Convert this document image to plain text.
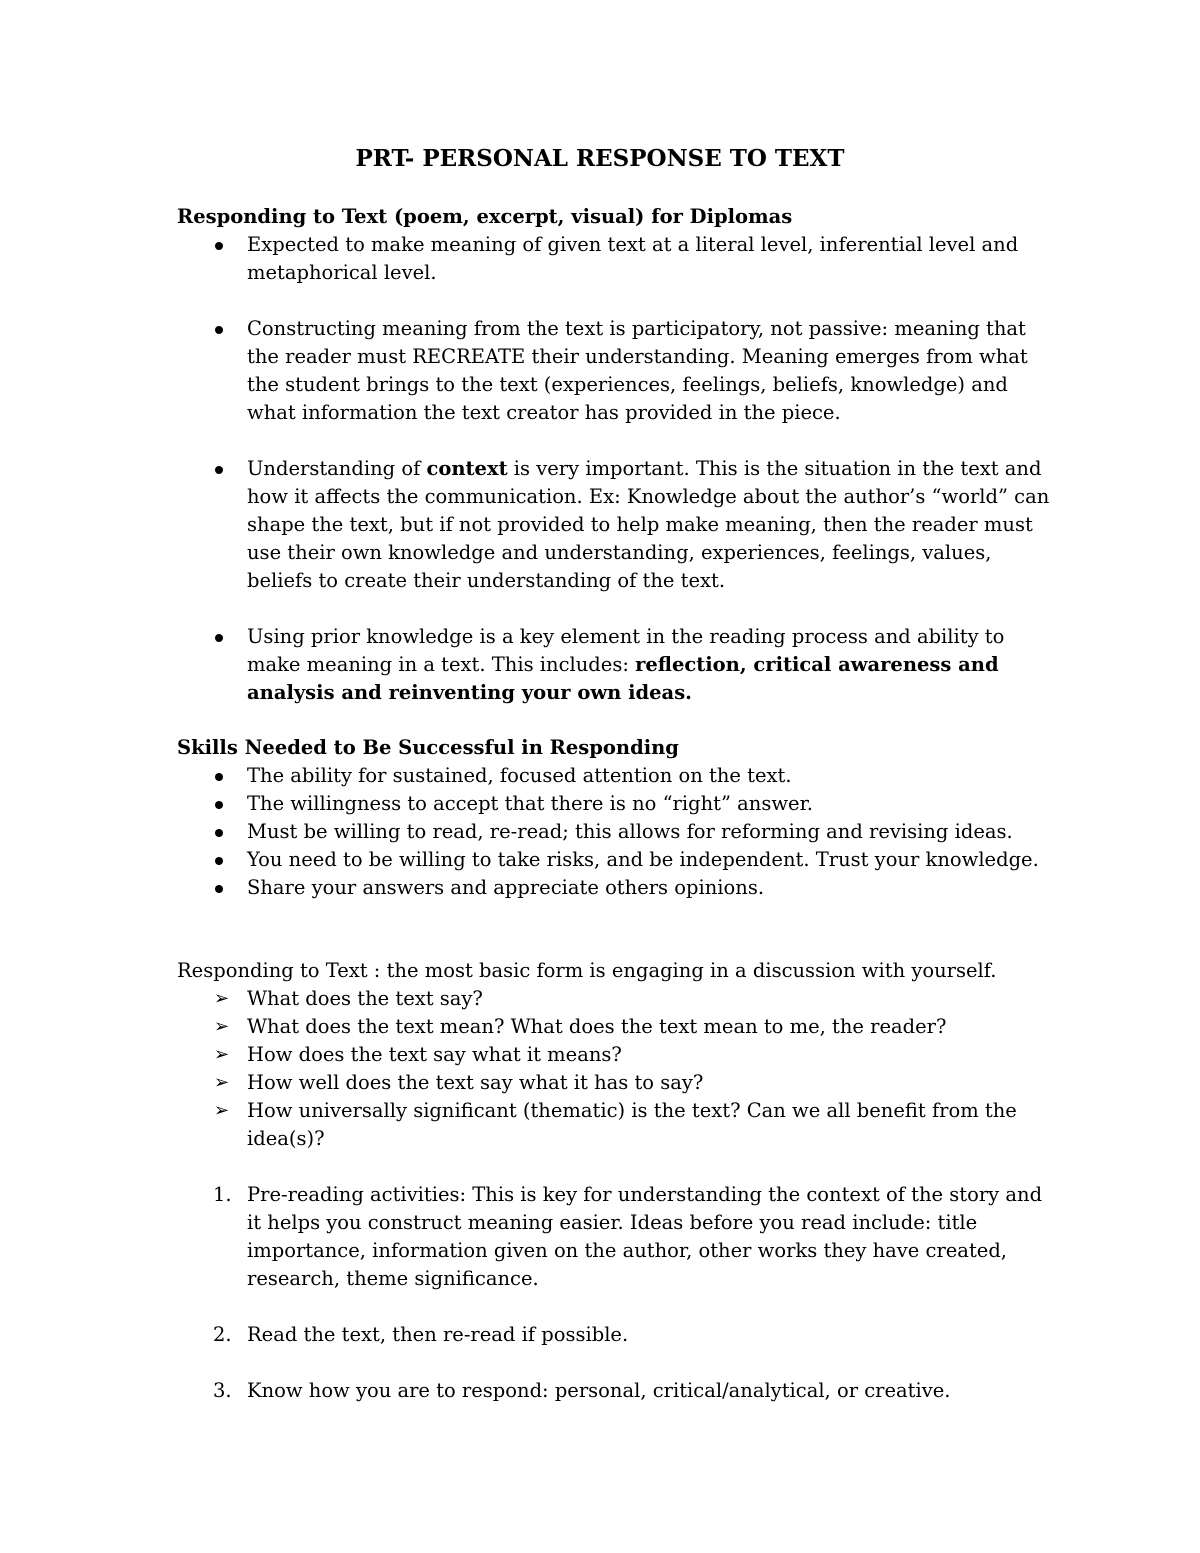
PRT- PERSONAL RESPONSE TO TEXT

Responding to Text (poem, excerpt, visual) for Diplomas

Expected to make meaning of given text at a literal level, inferential level and metaphorical level.
Constructing meaning from the text is participatory, not passive: meaning that the reader must RECREATE their understanding. Meaning emerges from what the student brings to the text (experiences, feelings, beliefs, knowledge) and what information the text creator has provided in the piece.
Understanding of context is very important. This is the situation in the text and how it affects the communication. Ex: Knowledge about the author’s “world” can shape the text, but if not provided to help make meaning, then the reader must use their own knowledge and understanding, experiences, feelings, values, beliefs to create their understanding of the text.
Using prior knowledge is a key element in the reading process and ability to make meaning in a text. This includes: reflection, critical awareness and analysis and reinventing your own ideas.

Skills Needed to Be Successful in Responding

The ability for sustained, focused attention on the text.
The willingness to accept that there is no “right” answer.
Must be willing to read, re-read; this allows for reforming and revising ideas.
You need to be willing to take risks, and be independent. Trust your knowledge.
Share your answers and appreciate others opinions.

Responding to Text : the most basic form is engaging in a discussion with yourself.

➢ What does the text say?
➢ What does the text mean? What does the text mean to me, the reader?
➢ How does the text say what it means?
➢ How well does the text say what it has to say?
➢ How universally significant (thematic) is the text? Can we all benefit from the idea(s)?
1. Pre-reading activities: This is key for understanding the context of the story and it helps you construct meaning easier. Ideas before you read include: title importance, information given on the author, other works they have created, research, theme significance.
2. Read the text, then re-read if possible.
3. Know how you are to respond: personal, critical/analytical, or creative.
